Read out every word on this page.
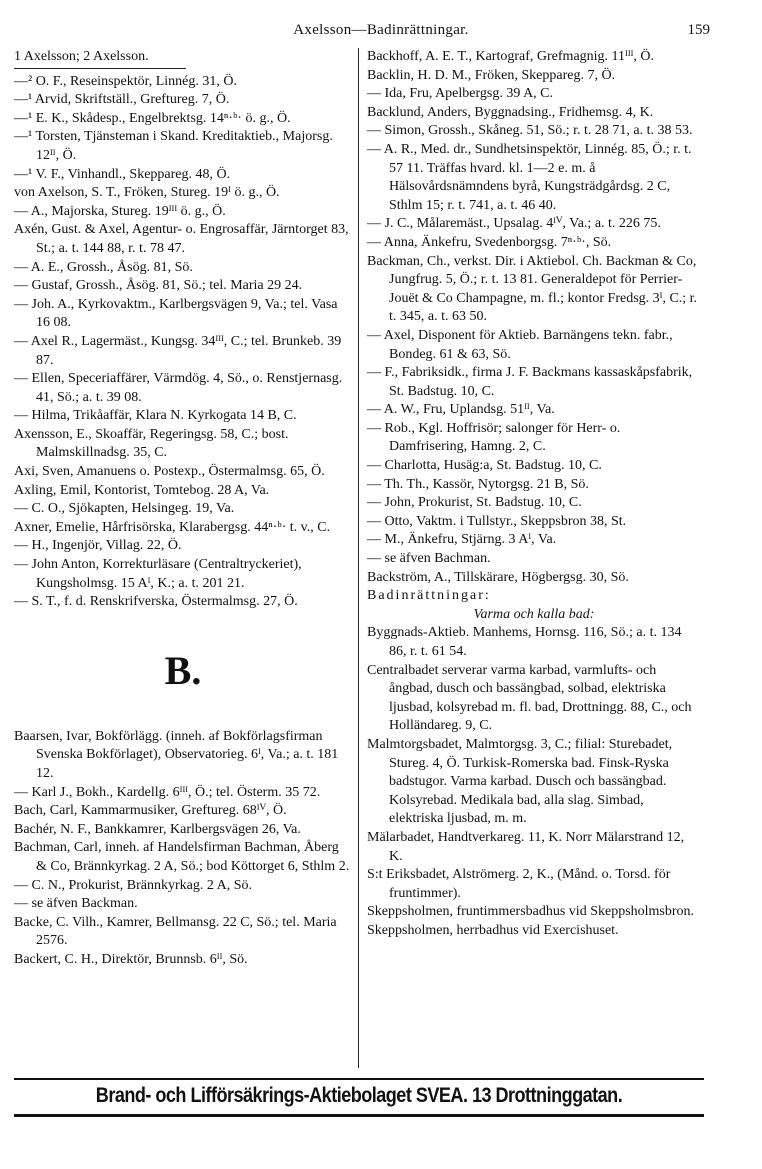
Axelsson—Badinrättningar.	159
1 Axelsson; 2 Axelsson.

—² O. F., Reseinspektör, Linnég. 31, Ö.

—¹ Arvid, Skriftställ., Greftureg. 7, Ö.

—¹ E. K., Skådesp., Engelbrektsg. 14ⁿ·ᵇ· ö. g., Ö.

—¹ Torsten, Tjänsteman i Skand. Kreditaktieb., Majorsg. 12ᴵᴵ, Ö.

—¹ V. F., Vinhandl., Skeppareg. 48, Ö.

von Axelson, S. T., Fröken, Stureg. 19ᴵ ö. g., Ö.

— A., Majorska, Stureg. 19ᴵᴵᴵ ö. g., Ö.

Axén, Gust. & Axel, Agentur- o. Engrosaffär, Järntorget 83, St.; a. t. 144 88, r. t. 78 47.

— A. E., Grossh., Åsög. 81, Sö.

— Gustaf, Grossh., Åsög. 81, Sö.; tel. Maria 29 24.

— Joh. A., Kyrkovaktm., Karlbergsvägen 9, Va.; tel. Vasa 16 08.

— Axel R., Lagermäst., Kungsg. 34ᴵᴵᴵ, C.; tel. Brunkeb. 39 87.

— Ellen, Speceriaffärer, Värmdög. 4, Sö., o. Renstjernasg. 41, Sö.; a. t. 39 08.

— Hilma, Trikåaffär, Klara N. Kyrkogata 14 B, C.

Axensson, E., Skoaffär, Regeringsg. 58, C.; bost. Malmskillnadsg. 35, C.

Axi, Sven, Amanuens o. Postexp., Östermalmsg. 65, Ö.

Axling, Emil, Kontorist, Tomtebog. 28 A, Va.

— C. O., Sjökapten, Helsingeg. 19, Va.

Axner, Emelie, Hårfrisörska, Klarabergsg. 44ⁿ·ᵇ· t. v., C.

— H., Ingenjör, Villag. 22, Ö.

— John Anton, Korrekturläsare (Centraltryckeriet), Kungsholmsg. 15 Aᴵ, K.; a. t. 201 21.

— S. T., f. d. Renskrifverska, Östermalmsg. 27, Ö.

B.

Baarsen, Ivar, Bokförlägg. (inneh. af Bokförlagsfirman Svenska Bokförlaget), Observatorieg. 6ᴵ, Va.; a. t. 181 12.

— Karl J., Bokh., Kardellg. 6ᴵᴵᴵ, Ö.; tel. Österm. 35 72.

Bach, Carl, Kammarmusiker, Greftureg. 68ᴵⱽ, Ö.

Bachér, N. F., Bankkamrer, Karlbergsvägen 26, Va.

Bachman, Carl, inneh. af Handelsfirman Bachman, Åberg & Co, Brännkyrkag. 2 A, Sö.; bod Köttorget 6, Sthlm 2.

— C. N., Prokurist, Brännkyrkag. 2 A, Sö.

— se äfven Backman.

Backe, C. Vilh., Kamrer, Bellmansg. 22 C, Sö.; tel. Maria 2576.

Backert, C. H., Direktör, Brunnsb. 6ᴵᴵ, Sö.

Backhoff, A. E. T., Kartograf, Grefmagnig. 11ᴵᴵᴵ, Ö.

Backlin, H. D. M., Fröken, Skeppareg. 7, Ö.

— Ida, Fru, Apelbergsg. 39 A, C.

Backlund, Anders, Byggnadsing., Fridhemsg. 4, K.

— Simon, Grossh., Skåneg. 51, Sö.; r. t. 28 71, a. t. 38 53.

— A. R., Med. dr., Sundhetsinspektör, Linnég. 85, Ö.; r. t. 57 11. Träffas hvard. kl. 1—2 e. m. å Hälsovårdsnämndens byrå, Kungsträdgårdsg. 2 C, Sthlm 15; r. t. 741, a. t. 46 40.

— J. C., Målaremäst., Upsalag. 4ᴵⱽ, Va.; a. t. 226 75.

— Anna, Änkefru, Svedenborgsg. 7ⁿ·ᵇ·, Sö.

Backman, Ch., verkst. Dir. i Aktiebol. Ch. Backman & Co, Jungfrug. 5, Ö.; r. t. 13 81. Generaldepot för Perrier-Jouët & Co Champagne, m. fl.; kontor Fredsg. 3ᴵ, C.; r. t. 345, a. t. 63 50.

— Axel, Disponent för Aktieb. Barnängens tekn. fabr., Bondeg. 61 & 63, Sö.

— F., Fabriksidk., firma J. F. Backmans kassaskåpsfabrik, St. Badstug. 10, C.

— A. W., Fru, Uplandsg. 51ᴵᴵ, Va.

— Rob., Kgl. Hoffrisör; salonger för Herr- o. Damfrisering, Hamng. 2, C.

— Charlotta, Husäg:a, St. Badstug. 10, C.

— Th. Th., Kassör, Nytorgsg. 21 B, Sö.

— John, Prokurist, St. Badstug. 10, C.

— Otto, Vaktm. i Tullstyr., Skeppsbron 38, St.

— M., Änkefru, Stjärng. 3 Aᴵ, Va.

— se äfven Bachman.

Backström, A., Tillskärare, Högbergsg. 30, Sö.

Badinrättningar:
Varma och kalla bad:

Byggnads-Aktieb. Manhems, Hornsg. 116, Sö.; a. t. 134 86, r. t. 61 54.

Centralbadet serverar varma karbad, varmlufts- och ångbad, dusch och bassängbad, solbad, elektriska ljusbad, kolsyrebad m. fl. bad, Drottningg. 88, C., och Holländareg. 9, C.

Malmtorgsbadet, Malmtorgsg. 3, C.; filial: Sturebadet, Stureg. 4, Ö. Turkisk-Romerska bad. Finsk-Ryska badstugor. Varma karbad. Dusch och bassängbad. Kolsyrebad. Medikala bad, alla slag. Simbad, elektriska ljusbad, m. m.

Mälarbadet, Handtverkareg. 11, K. Norr Mälarstrand 12, K.

S:t Eriksbadet, Alströmerg. 2, K., (Månd. o. Torsd. för fruntimmer).

Skeppsholmen, fruntimmersbadhus vid Skeppsholmsbron.

Skeppsholmen, herrbadhus vid Exercishuset.

Brand- och Lifförsäkrings-Aktiebolaget SVEA. 13 Drottninggatan.
